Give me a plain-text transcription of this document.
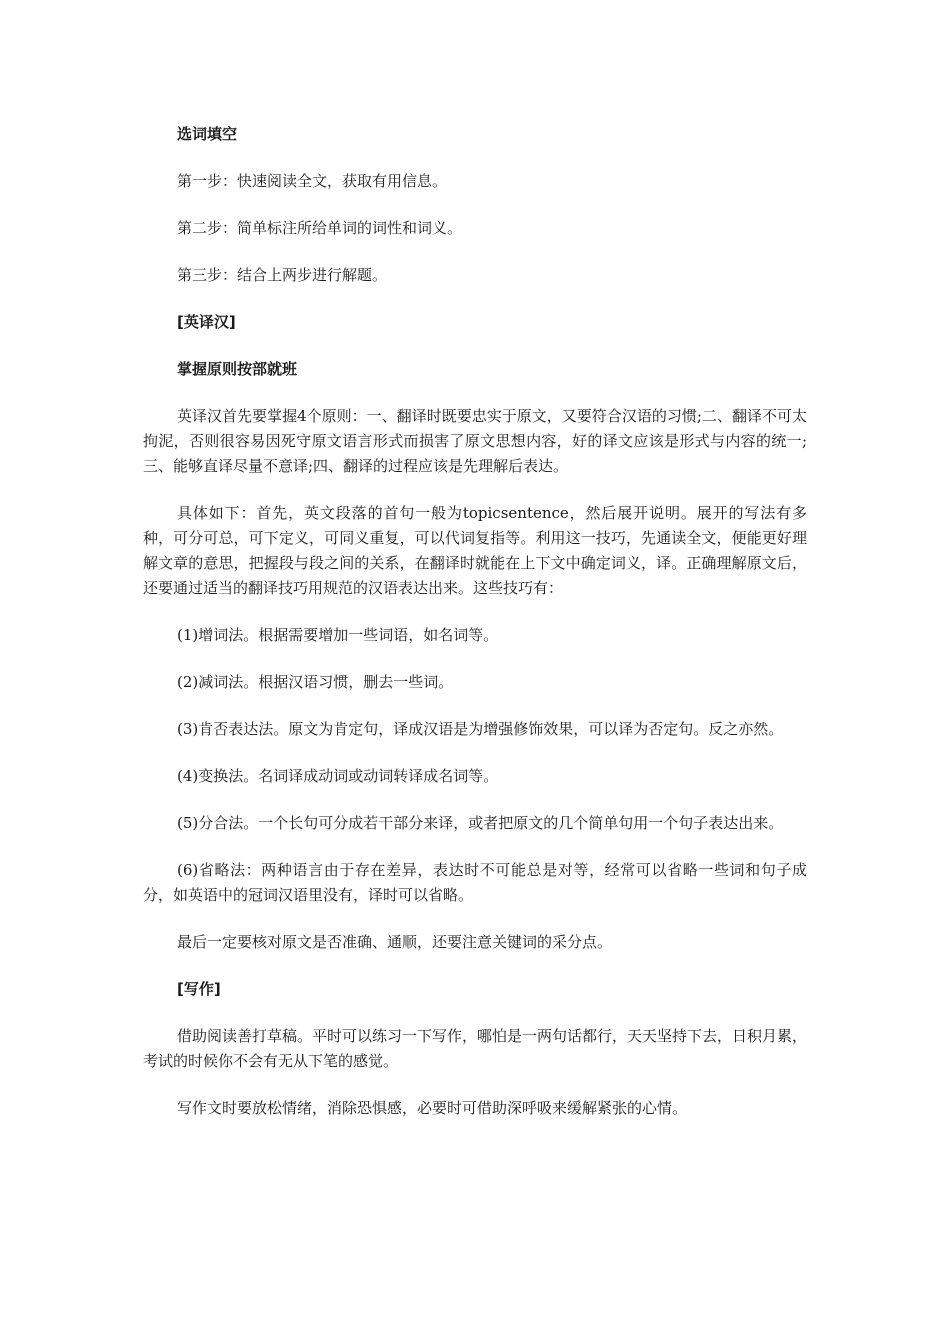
选词填空
第一步：快速阅读全文，获取有用信息。
第二步：简单标注所给单词的词性和词义。
第三步：结合上两步进行解题。
[英译汉]
掌握原则按部就班
英译汉首先要掌握4个原则：一、翻译时既要忠实于原文，又要符合汉语的习惯;二、翻译不可太拘泥，否则很容易因死守原文语言形式而损害了原文思想内容，好的译文应该是形式与内容的统一;三、能够直译尽量不意译;四、翻译的过程应该是先理解后表达。
具体如下：首先，英文段落的首句一般为topicsentence，然后展开说明。展开的写法有多种，可分可总，可下定义，可同义重复，可以代词复指等。利用这一技巧，先通读全文，便能更好理解文章的意思，把握段与段之间的关系，在翻译时就能在上下文中确定词义，译。正确理解原文后，还要通过适当的翻译技巧用规范的汉语表达出来。这些技巧有：
(1)增词法。根据需要增加一些词语，如名词等。
(2)减词法。根据汉语习惯，删去一些词。
(3)肯否表达法。原文为肯定句，译成汉语是为增强修饰效果，可以译为否定句。反之亦然。
(4)变换法。名词译成动词或动词转译成名词等。
(5)分合法。一个长句可分成若干部分来译，或者把原文的几个简单句用一个句子表达出来。
(6)省略法：两种语言由于存在差异，表达时不可能总是对等，经常可以省略一些词和句子成分，如英语中的冠词汉语里没有，译时可以省略。
最后一定要核对原文是否准确、通顺，还要注意关键词的采分点。
[写作]
借助阅读善打草稿。平时可以练习一下写作，哪怕是一两句话都行，天天坚持下去，日积月累，考试的时候你不会有无从下笔的感觉。
写作文时要放松情绪，消除恐惧感，必要时可借助深呼吸来缓解紧张的心情。
